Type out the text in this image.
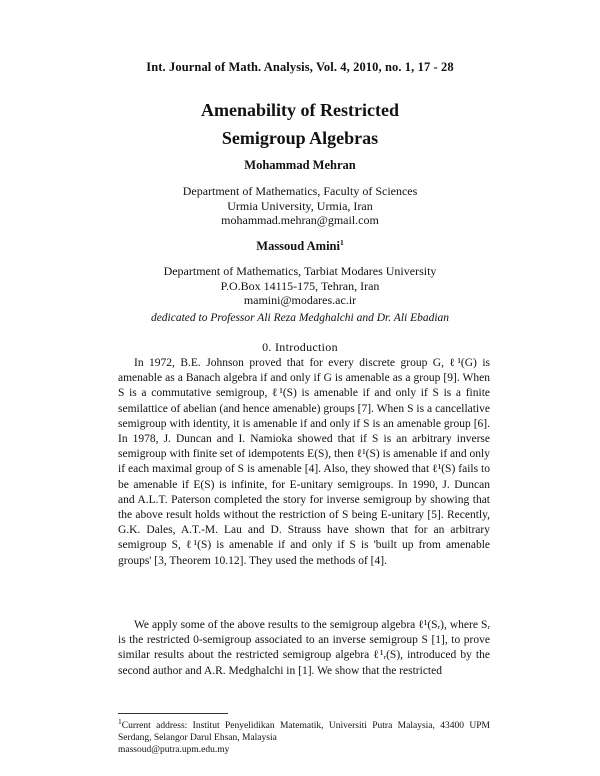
Int. Journal of Math. Analysis, Vol. 4, 2010, no. 1, 17 - 28
Amenability of Restricted
Semigroup Algebras
Mohammad Mehran
Department of Mathematics, Faculty of Sciences
Urmia University, Urmia, Iran
mohammad.mehran@gmail.com
Massoud Amini$^1$
Department of Mathematics, Tarbiat Modares University
P.O.Box 14115-175, Tehran, Iran
mamini@modares.ac.ir
dedicated to Professor Ali Reza Medghalchi and Dr. Ali Ebadian
0. Introduction

In 1972, B.E. Johnson proved that for every discrete group G, ℓ¹(G) is amenable as a Banach algebra if and only if G is amenable as a group [9]. When S is a commutative semigroup, ℓ¹(S) is amenable if and only if S is a finite semilattice of abelian (and hence amenable) groups [7]. When S is a cancellative semigroup with identity, it is amenable if and only if S is an amenable group [6]. In 1978, J. Duncan and I. Namioka showed that if S is an arbitrary inverse semigroup with finite set of idempotents E(S), then ℓ¹(S) is amenable if and only if each maximal group of S is amenable [4]. Also, they showed that ℓ¹(S) fails to be amenable if E(S) is infinite, for E-unitary semigroups. In 1990, J. Duncan and A.L.T. Paterson completed the story for inverse semigroup by showing that the above result holds without the restriction of S being E-unitary [5]. Recently, G.K. Dales, A.T.-M. Lau and D. Strauss have shown that for an arbitrary semigroup S, ℓ¹(S) is amenable if and only if S is 'built up from amenable groups' [3, Theorem 10.12]. They used the methods of [4].

We apply some of the above results to the semigroup algebra ℓ¹(Sᵣ), where Sᵣ is the restricted 0-semigroup associated to an inverse semigroup S [1], to prove similar results about the restricted semigroup algebra ℓ¹ᵣ(S), introduced by the second author and A.R. Medghalchi in [1]. We show that the restricted

$^1$Current address: Institut Penyelidikan Matematik, Universiti Putra Malaysia, 43400 UPM Serdang, Selangor Darul Ehsan, Malaysia
massoud@putra.upm.edu.my
